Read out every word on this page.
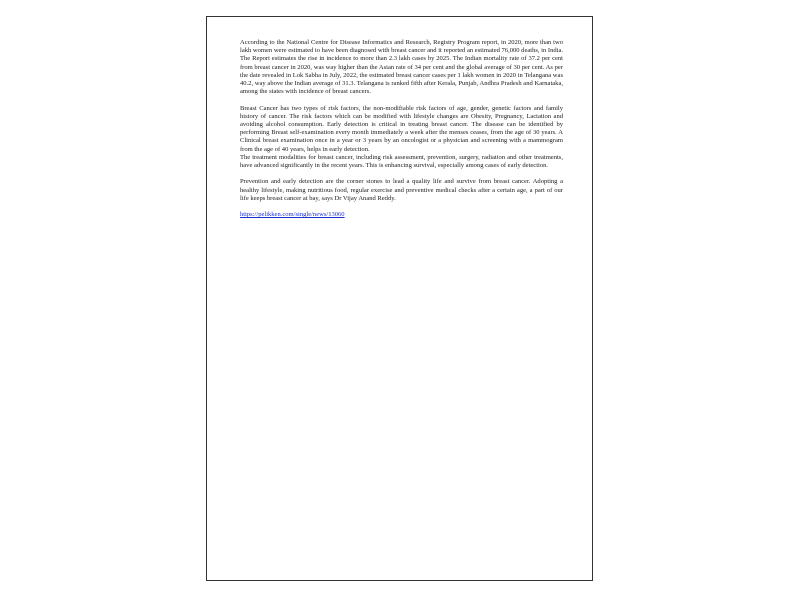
According to the National Centre for Disease Informatics and Research, Registry Program report, in 2020, more than two lakh women were estimated to have been diagnosed with breast cancer and it reported an estimated 76,000 deaths, in India. The Report estimates the rise in incidence to more than 2.3 lakh cases by 2025. The Indian mortality rate of 37.2 per cent from breast cancer in 2020, was way higher than the Asian rate of 34 per cent and the global average of 30 per cent. As per the date revealed in Lok Sabha in July, 2022, the estimated breast cancer cases per 1 lakh women in 2020 in Telangana was 40.2, way above the Indian average of 31.3. Telangana is ranked fifth after Kerala, Punjab, Andhra Pradesh and Karnataka, among the states with incidence of breast cancers.

Breast Cancer has two types of risk factors, the non-modifiable risk factors of age, gender, genetic factors and family history of cancer. The risk factors which can be modified with lifestyle changes are Obesity, Pregnancy, Lactation and avoiding alcohol consumption. Early detection is critical in treating breast cancer. The disease can be identified by performing Breast self-examination every month immediately a week after the menses ceases, from the age of 30 years. A Clinical breast examination once in a year or 3 years by an oncologist or a physician and screening with a mammogram from the age of 40 years, helps in early detection.

The treatment modalities for breast cancer, including risk assessment, prevention, surgery, radiation and other treatments, have advanced significantly in the recent years. This is enhancing survival, especially among cases of early detection.

Prevention and early detection are the corner stones to lead a quality life and survive from breast cancer. Adopting a healthy lifestyle, making nutritious food, regular exercise and preventive medical checks after a certain age, a part of our life keeps breast cancer at bay, says Dr Vijay Anand Reddy.

https://pelikken.com/single/news/13060
